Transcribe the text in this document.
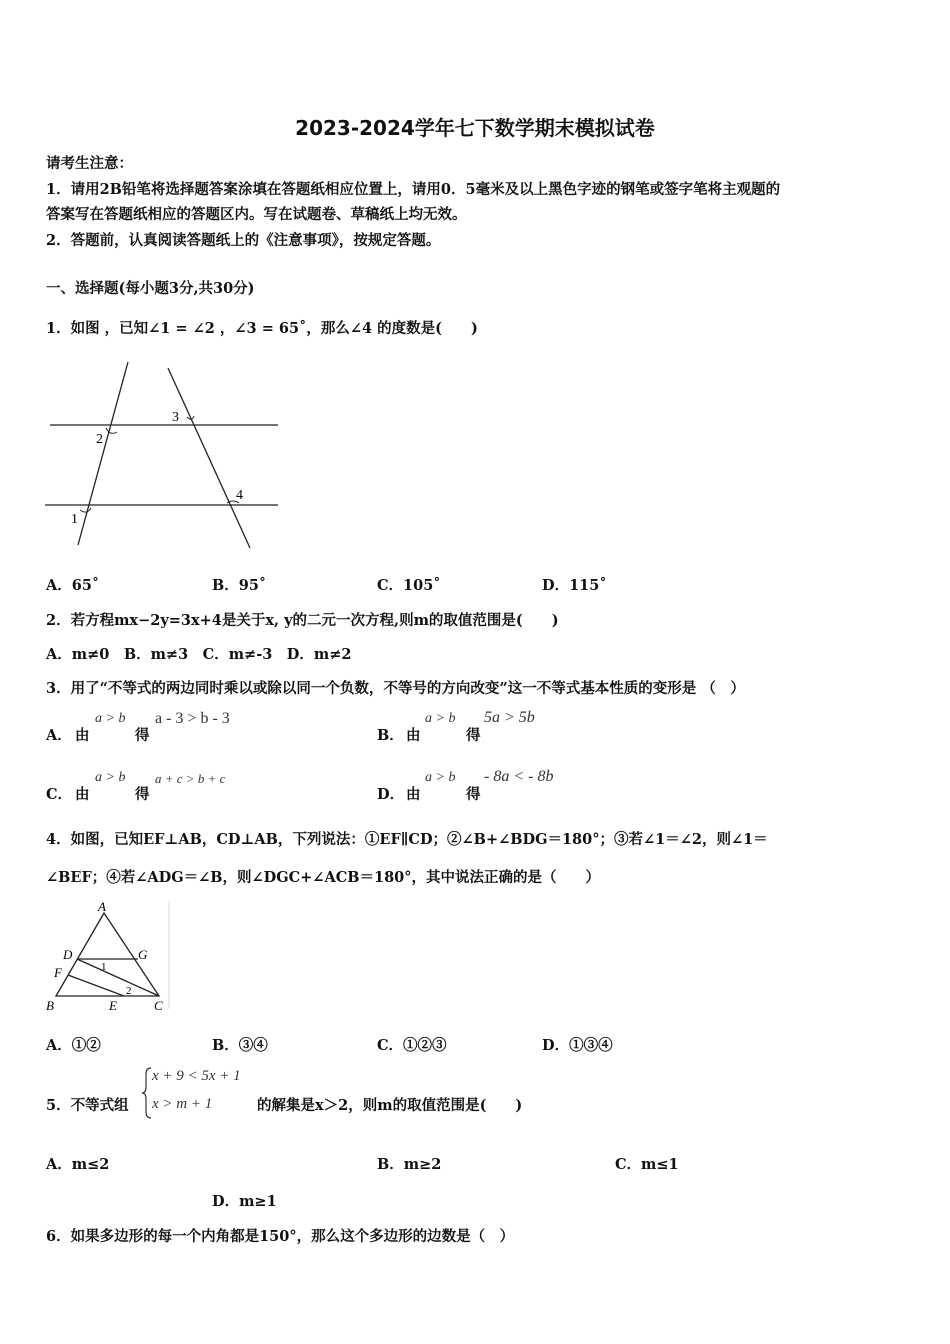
2023-2024学年七下数学期末模拟试卷
请考生注意：
1．请用2B铅笔将选择题答案涂填在答题纸相应位置上，请用0．5毫米及以上黑色字迹的钢笔或签字笔将主观题的
答案写在答题纸相应的答题区内。写在试题卷、草稿纸上均无效。
2．答题前，认真阅读答题纸上的《注意事项》，按规定答题。
一、选择题(每小题3分,共30分)
1．如图 ，已知∠1 = ∠2 ，∠3 = 65˚，那么∠4 的度数是(　　)
1
2
3
4
A．65˚	B．95˚	C．105˚	D．115˚
2．若方程mx−2y=3x+4是关于x, y的二元一次方程,则m的取值范围是(　　)
A．m≠0　B．m≠3　C．m≠-3　D．m≠2
3．用了“不等式的两边同时乘以或除以同一个负数，不等号的方向改变”这一不等式基本性质的变形是 （　）
A． 由
a > b
得
a - 3 > b - 3
B． 由
a > b
得
5a > 5b
C． 由
a > b
得
a + c > b + c
D． 由
a > b
得
- 8a < - 8b
4．如图，已知EF⊥AB，CD⊥AB，下列说法：①EF∥CD；②∠B+∠BDG＝180°；③若∠1＝∠2，则∠1＝
∠BEF；④若∠ADG＝∠B，则∠DGC+∠ACB＝180°，其中说法正确的是（　　）
A
D	G
F	1
2
B	E	C
A．①②	B．③④	C．①②③	D．①③④
5．不等式组
x + 9 < 5x + 1
x > m + 1	的解集是x＞2，则m的取值范围是(　　)
A．m≤2	B．m≥2	C．m≤1
D．m≥1
6．如果多边形的每一个内角都是150°，那么这个多边形的边数是（　）
